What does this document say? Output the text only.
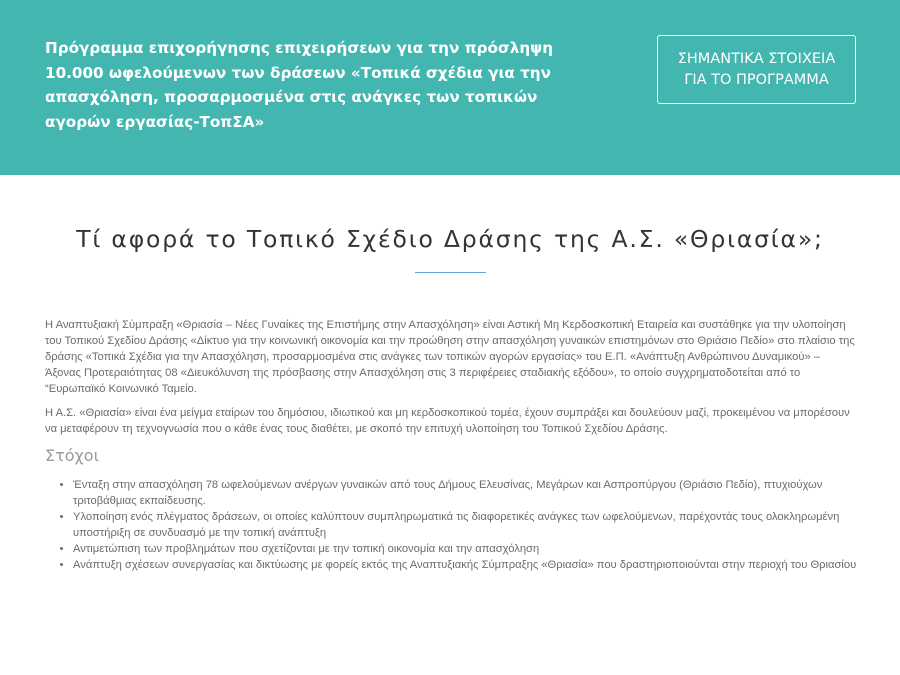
Πρόγραμμα επιχορήγησης επιχειρήσεων για την πρόσληψη 10.000 ωφελούμενων των δράσεων «Τοπικά σχέδια για την απασχόληση, προσαρμοσμένα στις ανάγκες των τοπικών αγορών εργασίας-ΤοπΣΑ»
ΣΗΜΑΝΤΙΚΑ ΣΤΟΙΧΕΙΑ ΓΙΑ ΤΟ ΠΡΟΓΡΑΜΜΑ
Τί αφορά το Τοπικό Σχέδιο Δράσης της Α.Σ. «Θριασία»;

Η Αναπτυξιακή Σύμπραξη «Θριασία – Νέες Γυναίκες της Επιστήμης στην Απασχόληση» είναι Αστική Μη Κερδοσκοπική Εταιρεία και συστάθηκε για την υλοποίηση του Τοπικού Σχεδίου Δράσης «Δίκτυο για την κοινωνική οικονομία και την προώθηση στην απασχόληση γυναικών επιστημόνων στο Θριάσιο Πεδίο» στο πλαίσιο της δράσης «Τοπικά Σχέδια για την Απασχόληση, προσαρμοσμένα στις ανάγκες των τοπικών αγορών εργασίας» του Ε.Π. «Ανάπτυξη Ανθρώπινου Δυναμικού» – Άξονας Προτεραιότητας 08 «Διευκόλυνση της πρόσβασης στην Απασχόληση στις 3 περιφέρειες σταδιακής εξόδου», το οποίο συγχρηματοδοτείται από το “Ευρωπαϊκό Κοινωνικό Ταμείο.

Η Α.Σ. «Θριασία» είναι ένα μείγμα εταίρων του δημόσιου, ιδιωτικού και μη κερδοσκοπικού τομέα, έχουν συμπράξει και δουλεύουν μαζί, προκειμένου να μπορέσουν να μεταφέρουν τη τεχνογνωσία που ο κάθε ένας τους διαθέτει, με σκοπό την επιτυχή υλοποίηση του Τοπικού Σχεδίου Δράσης.

Στόχοι
• Ένταξη στην απασχόληση 78 ωφελούμενων ανέργων γυναικών από τους Δήμους Ελευσίνας, Μεγάρων και Ασπροπύργου (Θριάσιο Πεδίο), πτυχιούχων τριτοβάθμιας εκπαίδευσης.
• Υλοποίηση ενός πλέγματος δράσεων, οι οποίες καλύπτουν συμπληρωματικά τις διαφορετικές ανάγκες των ωφελούμενων, παρέχοντάς τους ολοκληρωμένη υποστήριξη σε συνδυασμό με την τοπική ανάπτυξη
• Αντιμετώπιση των προβλημάτων που σχετίζονται με την τοπική οικονομία και την απασχόληση
• Ανάπτυξη σχέσεων συνεργασίας και δικτύωσης με φορείς εκτός της Αναπτυξιακής Σύμπραξης «Θριασία» που δραστηριοποιούνται στην περιοχή του Θριασίου
